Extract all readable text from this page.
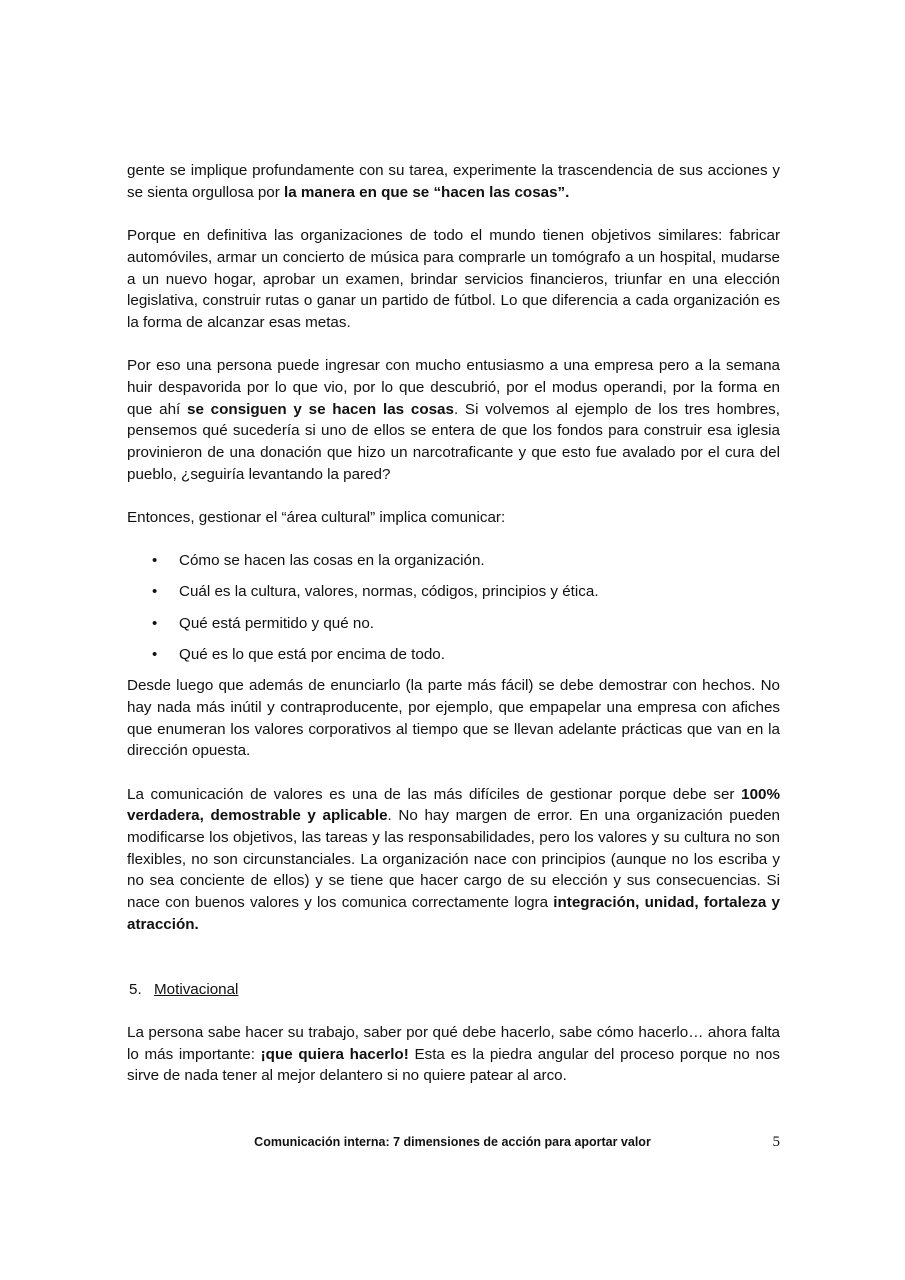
gente se implique profundamente con su tarea, experimente la trascendencia de sus acciones y se sienta orgullosa por la manera en que se “hacen las cosas”.

Porque en definitiva las organizaciones de todo el mundo tienen objetivos similares: fabricar automóviles, armar un concierto de música para comprarle un tomógrafo a un hospital, mudarse a un nuevo hogar, aprobar un examen, brindar servicios financieros, triunfar en una elección legislativa, construir rutas o ganar un partido de fútbol. Lo que diferencia a cada organización es la forma de alcanzar esas metas.

Por eso una persona puede ingresar con mucho entusiasmo a una empresa pero a la semana huir despavorida por lo que vio, por lo que descubrió, por el modus operandi, por la forma en que ahí se consiguen y se hacen las cosas. Si volvemos al ejemplo de los tres hombres, pensemos qué sucedería si uno de ellos se entera de que los fondos para construir esa iglesia provinieron de una donación que hizo un narcotraficante y que esto fue avalado por el cura del pueblo, ¿seguiría levantando la pared?

Entonces, gestionar el “área cultural” implica comunicar:

• Cómo se hacen las cosas en la organización.
• Cuál es la cultura, valores, normas, códigos, principios y ética.
• Qué está permitido y qué no.
• Qué es lo que está por encima de todo.

Desde luego que además de enunciarlo (la parte más fácil) se debe demostrar con hechos. No hay nada más inútil y contraproducente, por ejemplo, que empapelar una empresa con afiches que enumeran los valores corporativos al tiempo que se llevan adelante prácticas que van en la dirección opuesta.

La comunicación de valores es una de las más difíciles de gestionar porque debe ser 100% verdadera, demostrable y aplicable. No hay margen de error. En una organización pueden modificarse los objetivos, las tareas y las responsabilidades, pero los valores y su cultura no son flexibles, no son circunstanciales. La organización nace con principios (aunque no los escriba y no sea conciente de ellos) y se tiene que hacer cargo de su elección y sus consecuencias. Si nace con buenos valores y los comunica correctamente logra integración, unidad, fortaleza y atracción.

5. Motivacional

La persona sabe hacer su trabajo, saber por qué debe hacerlo, sabe cómo hacerlo… ahora falta lo más importante: ¡que quiera hacerlo! Esta es la piedra angular del proceso porque no nos sirve de nada tener al mejor delantero si no quiere patear al arco.

Comunicación interna: 7 dimensiones de acción para aportar valor	5
